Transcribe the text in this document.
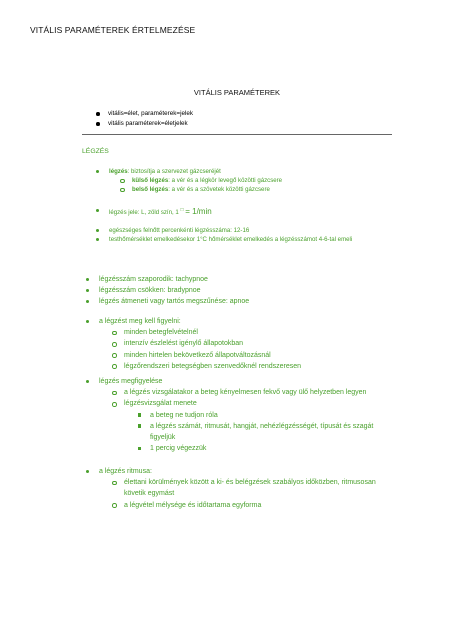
VITÁLIS PARAMÉTEREK ÉRTELMEZÉSE
VITÁLIS PARAMÉTEREK
vitális=élet, paraméterek=jelek
vitális paraméterek=életjelek
LÉGZÉS
légzés: biztosítja a szervezet gázcseréjét
külső légzés: a vér és a légkör levegő közötti gázcsere
belső légzés: a vér és a szövetek közötti gázcsere
légzés jele: L, zöld szín, 1 □ = 1/min
egészséges felnőtt percenkénti légzésszáma: 12-16
testhőmérséklet emelkedésekor 1°C hőmérséklet emelkedés a légzésszámot 4-6-tal emeli
légzésszám szaporodik: tachypnoe
légzésszám csökken: bradypnoe
légzés átmeneti vagy tartós megszűnése: apnoe
a légzést meg kell figyelni:
minden betegfelvételnél
intenzív észlelést igénylő állapotokban
minden hirtelen bekövetkező állapotváltozásnál
légzőrendszeri betegségben szenvedőknél rendszeresen
légzés megfigyelése
a légzés vizsgálatakor a beteg kényelmesen fekvő vagy ülő helyzetben legyen
légzésvizsgálat menete
a beteg ne tudjon róla
a légzés számát, ritmusát, hangját, nehézlégzésségét, típusát és szagát figyeljük
1 percig végezzük
a légzés ritmusa:
élettani körülmények között a ki- és belégzések szabályos időközben, ritmusosan követik egymást
a légvétel mélysége és időtartama egyforma
